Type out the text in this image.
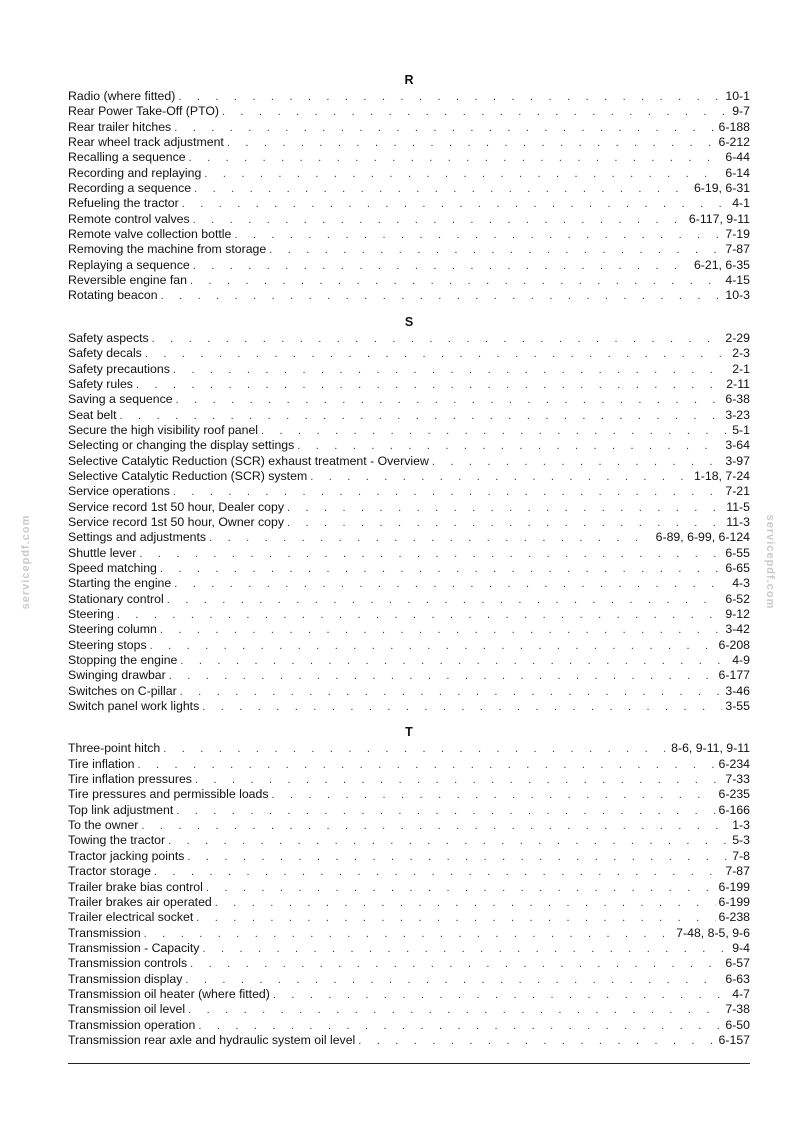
servicepdf.com	servicepdf.com
R
Radio (where fitted) . . .	10-1
Rear Power Take-Off (PTO) . . .	9-7
Rear trailer hitches . . .	6-188
Rear wheel track adjustment . . .	6-212
Recalling a sequence . . .	6-44
Recording and replaying . . .	6-14
Recording a sequence . . .	6-19, 6-31
Refueling the tractor . . .	4-1
Remote control valves . . .	6-117, 9-11
Remote valve collection bottle . . .	7-19
Removing the machine from storage . . .	7-87
Replaying a sequence . . .	6-21, 6-35
Reversible engine fan . . .	4-15
Rotating beacon . . .	10-3
S
Safety aspects . . .	2-29
Safety decals . . .	2-3
Safety precautions . . .	2-1
Safety rules . . .	2-11
Saving a sequence . . .	6-38
Seat belt . . .	3-23
Secure the high visibility roof panel . . .	5-1
Selecting or changing the display settings . . .	3-64
Selective Catalytic Reduction (SCR) exhaust treatment - Overview . . .	3-97
Selective Catalytic Reduction (SCR) system . . .	1-18, 7-24
Service operations . . .	7-21
Service record 1st 50 hour, Dealer copy . . .	11-5
Service record 1st 50 hour, Owner copy . . .	11-3
Settings and adjustments . . .	6-89, 6-99, 6-124
Shuttle lever . . .	6-55
Speed matching . . .	6-65
Starting the engine . . .	4-3
Stationary control . . .	6-52
Steering . . .	9-12
Steering column . . .	3-42
Steering stops . . .	6-208
Stopping the engine . . .	4-9
Swinging drawbar . . .	6-177
Switches on C-pillar . . .	3-46
Switch panel work lights . . .	3-55
T
Three-point hitch . . .	8-6, 9-11, 9-11
Tire inflation . . .	6-234
Tire inflation pressures . . .	7-33
Tire pressures and permissible loads . . .	6-235
Top link adjustment . . .	6-166
To the owner . . .	1-3
Towing the tractor . . .	5-3
Tractor jacking points . . .	7-8
Tractor storage . . .	7-87
Trailer brake bias control . . .	6-199
Trailer brakes air operated . . .	6-199
Trailer electrical socket . . .	6-238
Transmission . . .	7-48, 8-5, 9-6
Transmission - Capacity . . .	9-4
Transmission controls . . .	6-57
Transmission display . . .	6-63
Transmission oil heater (where fitted) . . .	4-7
Transmission oil level . . .	7-38
Transmission operation . . .	6-50
Transmission rear axle and hydraulic system oil level . . .	6-157
